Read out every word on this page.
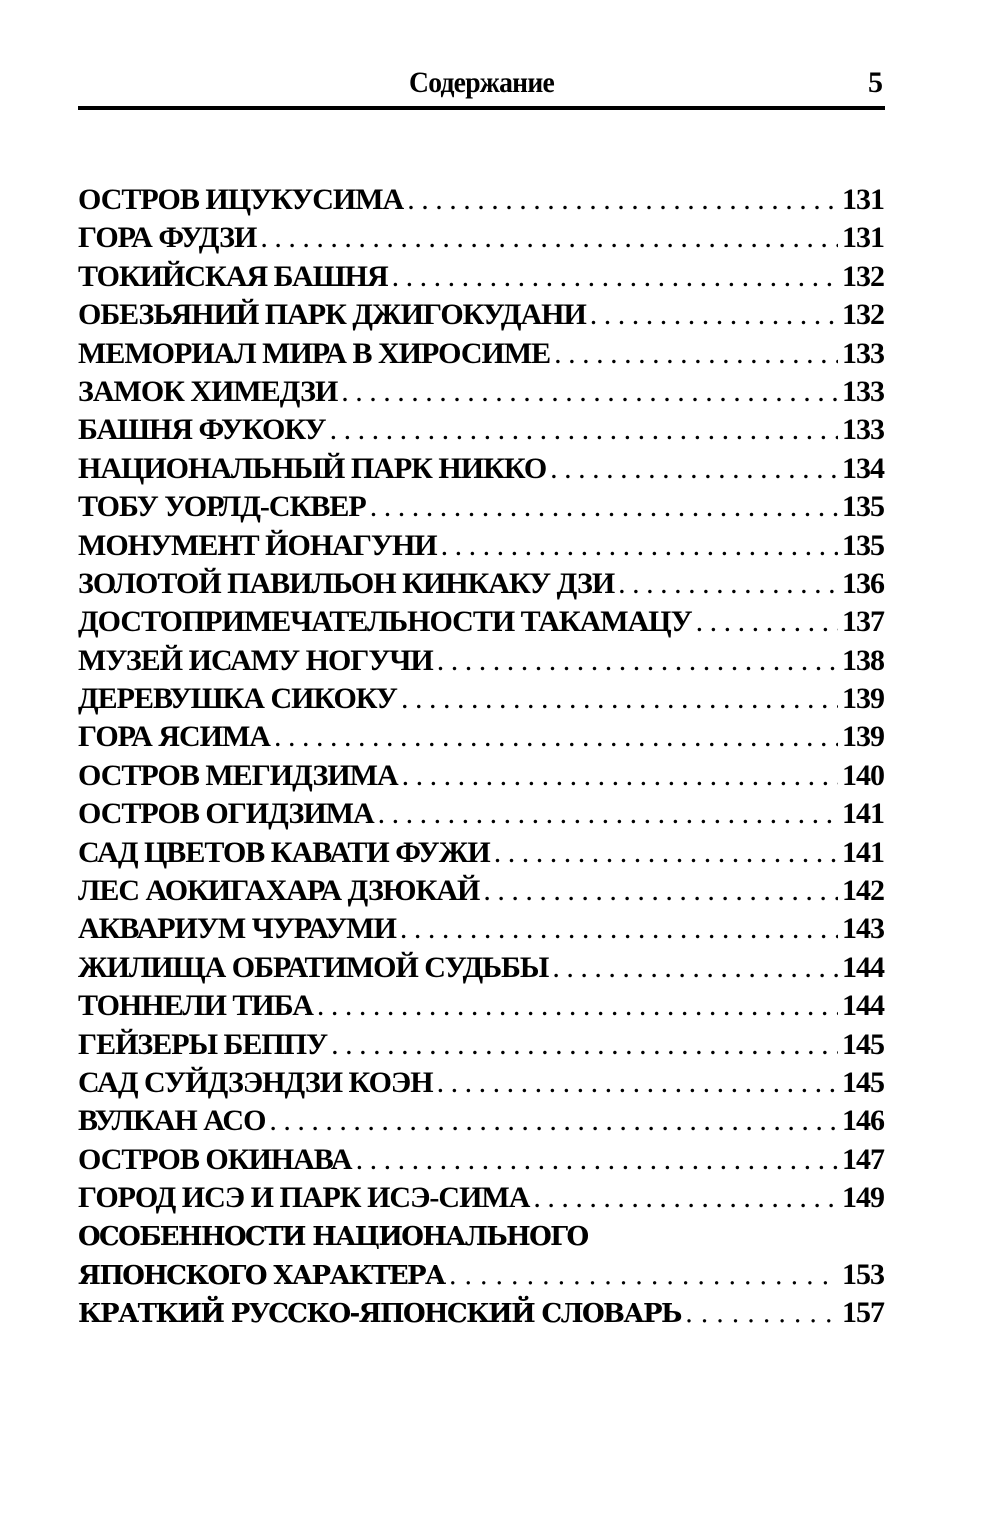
Содержание	5
ОСТРОВ ИЦУКУСИМА . . .	131
ГОРА ФУДЗИ . . .	131
ТОКИЙСКАЯ БАШНЯ . . .	132
ОБЕЗЬЯНИЙ ПАРК ДЖИГОКУДАНИ . . .	132
МЕМОРИАЛ МИРА В ХИРОСИМЕ . . .	133
ЗАМОК ХИМЕДЗИ . . .	133
БАШНЯ ФУКОКУ . . .	133
НАЦИОНАЛЬНЫЙ ПАРК НИККО . . .	134
ТОБУ УОРЛД-СКВЕР . . .	135
МОНУМЕНТ ЙОНАГУНИ . . .	135
ЗОЛОТОЙ ПАВИЛЬОН КИНКАКУ ДЗИ . . .	136
ДОСТОПРИМЕЧАТЕЛЬНОСТИ ТАКАМАЦУ . . .	137
МУЗЕЙ ИСАМУ НОГУЧИ . . .	138
ДЕРЕВУШКА СИКОКУ . . .	139
ГОРА ЯСИМА . . .	139
ОСТРОВ МЕГИДЗИМА . . .	140
ОСТРОВ ОГИДЗИМА . . .	141
САД ЦВЕТОВ КАВАТИ ФУЖИ . . .	141
ЛЕС АОКИГАХАРА ДЗЮКАЙ . . .	142
АКВАРИУМ ЧУРАУМИ . . .	143
ЖИЛИЩА ОБРАТИМОЙ СУДЬБЫ . . .	144
ТОННЕЛИ ТИБА . . .	144
ГЕЙЗЕРЫ БЕППУ . . .	145
САД СУЙДЗЭНДЗИ КОЭН . . .	145
ВУЛКАН АСО . . .	146
ОСТРОВ ОКИНАВА . . .	147
ГОРОД ИСЭ И ПАРК ИСЭ-СИМА . . .	149
ОСОБЕННОСТИ НАЦИОНАЛЬНОГО
ЯПОНСКОГО ХАРАКТЕРА . . .	153
КРАТКИЙ РУССКО-ЯПОНСКИЙ СЛОВАРЬ . . .	157
